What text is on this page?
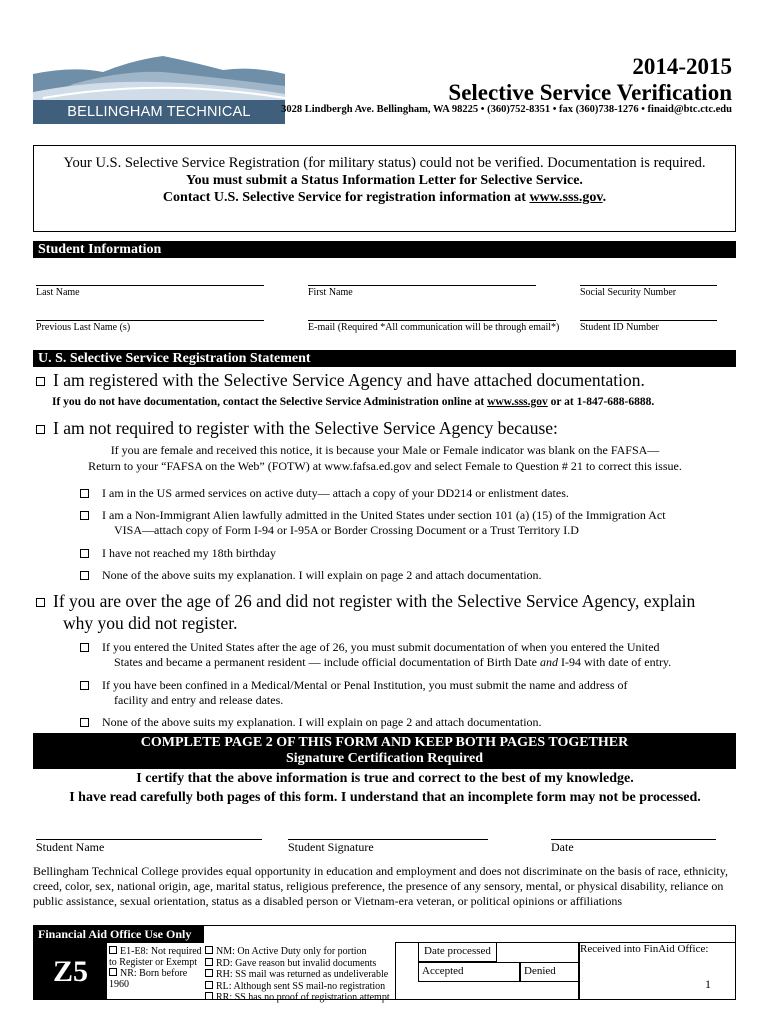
BELLINGHAM TECHNICAL COLLEGE
2014-2015
Selective Service Verification
3028 Lindbergh Ave. Bellingham, WA 98225 • (360)752-8351 • fax (360)738-1276 • finaid@btc.ctc.edu
Your U.S. Selective Service Registration (for military status) could not be verified. Documentation is required.
You must submit a Status Information Letter for Selective Service.
Contact U.S. Selective Service for registration information at www.sss.gov.
Student Information
Last Name	First Name	Social Security Number
Previous Last Name (s)	E-mail (Required *All communication will be through email*) Student ID Number
U. S. Selective Service Registration Statement
I am registered with the Selective Service Agency and have attached documentation.
If you do not have documentation, contact the Selective Service Administration online at www.sss.gov or at 1-847-688-6888.
I am not required to register with the Selective Service Agency because:
If you are female and received this notice, it is because your Male or Female indicator was blank on the FAFSA—
Return to your “FAFSA on the Web” (FOTW) at www.fafsa.ed.gov and select Female to Question # 21 to correct this issue.
I am in the US armed services on active duty— attach a copy of your DD214 or enlistment dates.
I am a Non-Immigrant Alien lawfully admitted in the United States under section 101 (a) (15) of the Immigration Act
VISA—attach copy of Form I-94 or I-95A or Border Crossing Document or a Trust Territory I.D
I have not reached my 18th birthday
None of the above suits my explanation. I will explain on page 2 and attach documentation.
If you are over the age of 26 and did not register with the Selective Service Agency, explain
why you did not register.
If you entered the United States after the age of 26, you must submit documentation of when you entered the United
States and became a permanent resident — include official documentation of Birth Date and I-94 with date of entry.
If you have been confined in a Medical/Mental or Penal Institution, you must submit the name and address of
facility and entry and release dates.
None of the above suits my explanation. I will explain on page 2 and attach documentation.
COMPLETE PAGE 2 OF THIS FORM AND KEEP BOTH PAGES TOGETHER
Signature Certification Required
I certify that the above information is true and correct to the best of my knowledge.
I have read carefully both pages of this form. I understand that an incomplete form may not be processed.
Student Name	Student Signature	Date
Bellingham Technical College provides equal opportunity in education and employment and does not discriminate on the basis of race, ethnicity, creed, color, sex, national origin, age, marital status, religious preference, the presence of any sensory, mental, or physical disability, reliance on public assistance, sexual orientation, status as a disabled person or Vietnam-era veteran, or political opinions or affiliations
Financial Aid Office Use Only
Z5
E1-E8: Not required
to Register or Exempt
NR: Born before
1960
NM: On Active Duty only for portion
RD: Gave reason but invalid documents
RH: SS mail was returned as undeliverable
RL: Although sent SS mail-no registration
RR: SS has no proof of registration attempt
Date processed
Accepted	Denied
Received into FinAid Office:
1
